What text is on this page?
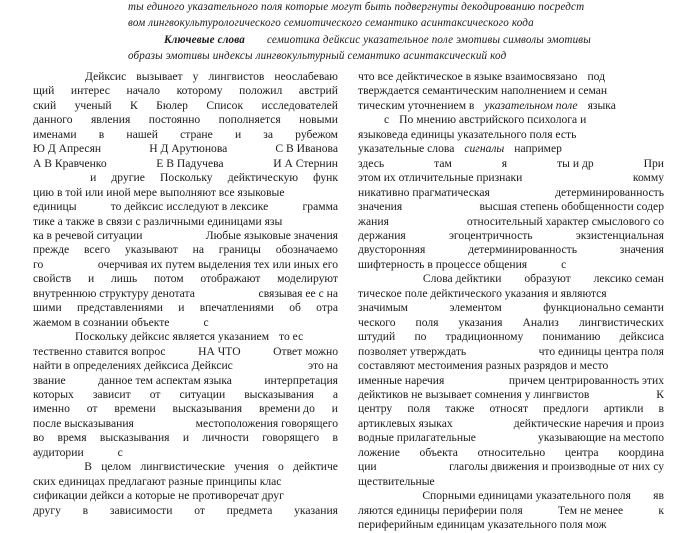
ты единого указательного поля которые могут быть подвергнуты декодированию посредст
вом лингвокультурологического семиотического семантико асинтаксического кода
Ключевые слова семиотика дейксис указательное поле эмотивы символы эмотивы
образы эмотивы индексы лингвокультурный семантико асинтаксический код
Дейксис вызывает у лингвистов неослабеваю
щий интерес начало которому положил австрий
ский ученый К Бюлер Список исследователей
данного явления постоянно пополняется новыми
именами в нашей стране и за рубежом
Ю Д Апресян	Н Д Арутюнова	С В Иванова
А В Кравченко	Е В Падучева	И А Стернин
и другие Поскольку дейктическую функ
цию в той или иной мере выполняют все языковые
единицы	то дейксис исследуют в лексике	грамма
тике а также в связи с различными единицами язы
ка в речевой ситуации	Любые языковые значения
прежде всего указывают на границы обозначаемо
го	очерчивая их путем выделения тех или иных его
свойств и лишь потом отображают моделируют
внутреннюю структуру денотата	связывая ее с на
шими представлениями и впечатлениями об отра
жаемом в сознании объекте	с
Поскольку дейксис является указанием то ес
тественно ставится вопрос	НА ЧТО	Ответ можно
найти в определениях дейксиса Дейксис	это на
звание	данное тем аспектам языка	интерпретация
которых зависит от ситуации высказывания а
именно от времени высказывания времени до и
после высказывания	местоположения говорящего
во время высказывания и личности говорящего в
аудитории	с
В целом лингвистические учения о дейктиче
ских единицах предлагают разные принципы клас
сификации дейкси а которые не противоречат друг
другу в зависимости от предмета указания
что все дейктическое в языке взаимосвязано под
тверждается семантическим наполнением и семан
тическим уточнением в указательном поле языка
с По мнению австрийского психолога и
языковеда единицы указательного поля есть
указательные слова сигналы например
здесь	там	я	ты и др	При
этом их отличительные признаки	комму
никативно прагматическая	детерминированность
значения	высшая степень обобщенности содер
жания	относительный характер смыслового со
держания	эгоцентричность	экзистенциальная
двусторонняя	детерминированность	значения
шифтерность в процессе общения	с
Слова дейктики образуют лексико семан
тическое поле дейктического указания и являются
значимым	элементом	функционально семанти
ческого поля указания Анализ лингвистических
штудий по традиционному пониманию дейксиса
позволяет утверждать	что единицы центра поля
составляют местоимения разных разрядов и место
именные наречия	причем центрированность этих
дейктиков не вызывает сомнения у лингвистов	К
центру поля также относят предлоги артикли в
артиклевых языках	дейктические наречия и произ
водные прилагательные	указывающие на местопо
ложение объекта относительно центра координа
ции	глаголы движения и производные от них су
ществительные
Спорными единицами указательного поля яв
ляются единицы периферии поля	Тем не менее	к
периферийным единицам указательного поля мож
